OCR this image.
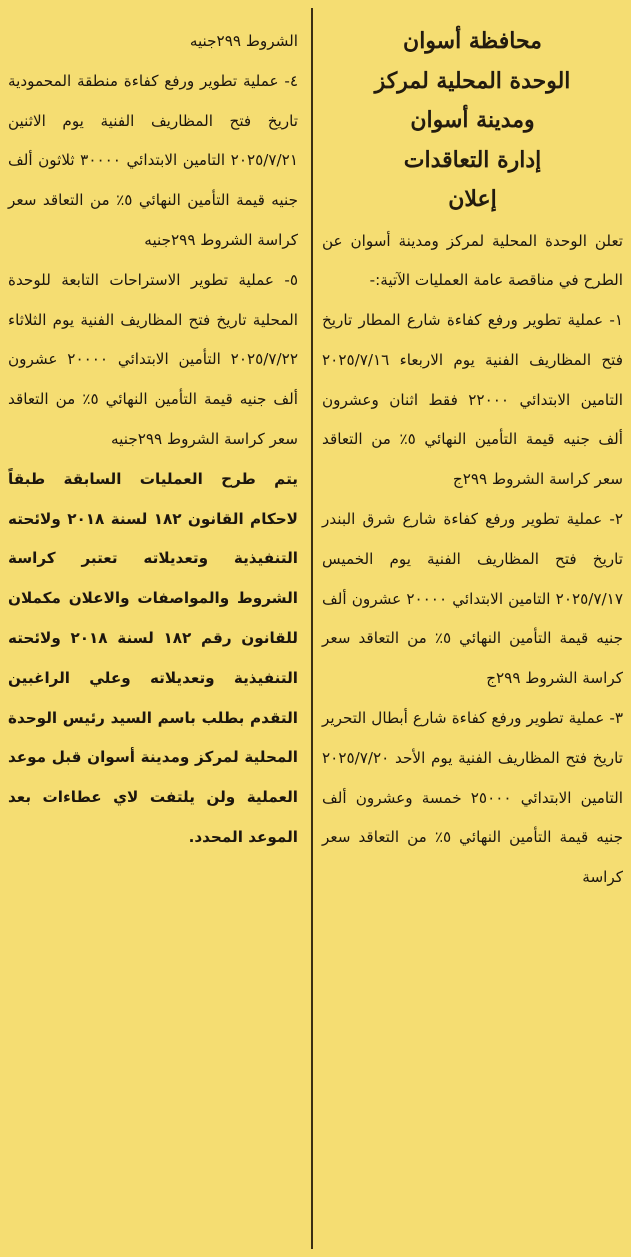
محافظة أسوان
الوحدة المحلية لمركز
ومدينة أسوان
إدارة التعاقدات
إعلان

تعلن الوحدة المحلية لمركز ومدينة أسوان عن الطرح في مناقصة عامة العمليات الآتية:-

١- عملية تطوير ورفع كفاءة شارع المطار تاريخ فتح المظاريف الفنية يوم الاربعاء ٢٠٢٥/٧/١٦ التامين الابتدائي ٢٢٠٠٠ فقط اثنان وعشرون ألف جنيه قيمة التأمين النهائي ٥٪ من التعاقد سعر كراسة الشروط ٢٩٩ج

٢- عملية تطوير ورفع كفاءة شارع شرق البندر تاريخ فتح المظاريف الفنية يوم الخميس ٢٠٢٥/٧/١٧ التامين الابتدائي ٢٠٠٠٠ عشرون ألف جنيه قيمة التأمين النهائي ٥٪ من التعاقد سعر كراسة الشروط ٢٩٩ج

٣- عملية تطوير ورفع كفاءة شارع أبطال التحرير تاريخ فتح المظاريف الفنية يوم الأحد ٢٠٢٥/٧/٢٠ التامين الابتدائي ٢٥٠٠٠ خمسة وعشرون ألف جنيه قيمة التأمين النهائي ٥٪ من التعاقد سعر كراسة

الشروط ٢٩٩جنيه

٤- عملية تطوير ورفع كفاءة منطقة المحمودية تاريخ فتح المظاريف الفنية يوم الاثنين ٢٠٢٥/٧/٢١ التامين الابتدائي ٣٠٠٠٠ ثلاثون ألف جنيه قيمة التأمين النهائي ٥٪ من التعاقد سعر كراسة الشروط ٢٩٩جنيه

٥- عملية تطوير الاستراحات التابعة للوحدة المحلية تاريخ فتح المظاريف الفنية يوم الثلاثاء ٢٠٢٥/٧/٢٢ التأمين الابتدائي ٢٠٠٠٠ عشرون ألف جنيه قيمة التأمين النهائي ٥٪ من التعاقد سعر كراسة الشروط ٢٩٩جنيه

يتم طرح العمليات السابقة طبقاً لاحكام القانون ١٨٢ لسنة ٢٠١٨ ولائحته التنفيذية وتعديلاته تعتبر كراسة الشروط والمواصفات والاعلان مكملان للقانون رقم ١٨٢ لسنة ٢٠١٨ ولائحته التنفيذية وتعديلاته وعلي الراغبين التقدم بطلب باسم السيد رئيس الوحدة المحلية لمركز ومدينة أسوان قبل موعد العملية ولن يلتفت لاي عطاءات بعد الموعد المحدد.
